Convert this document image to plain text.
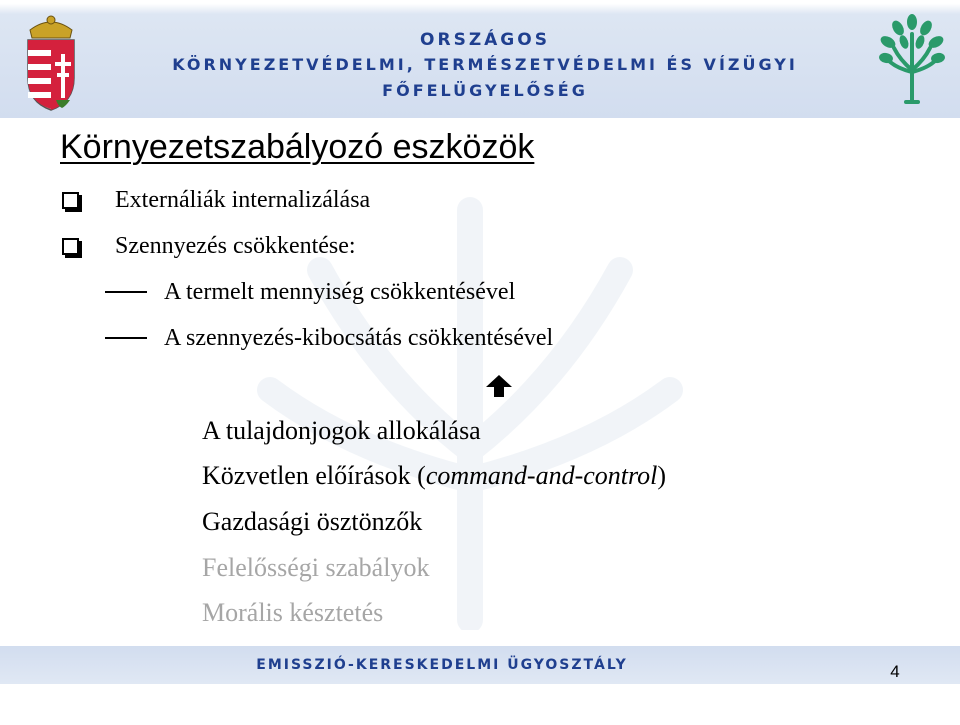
ORSZÁGOS
KÖRNYEZETVÉDELMI, TERMÉSZETVÉDELMI ÉS VÍZÜGYI
FŐFELÜGYELŐSÉG
Környezetszabályozó eszközök
Externáliák internalizálása
Szennyezés csökkentése:
A termelt mennyiség csökkentésével
A szennyezés-kibocsátás csökkentésével
A tulajdonjogok allokálása
Közvetlen előírások (command-and-control)
Gazdasági ösztönzők
Felelősségi szabályok
Morális késztetés
EMISSZIÓ-KERESKEDELMI ÜGYOSZTÁLY	4
